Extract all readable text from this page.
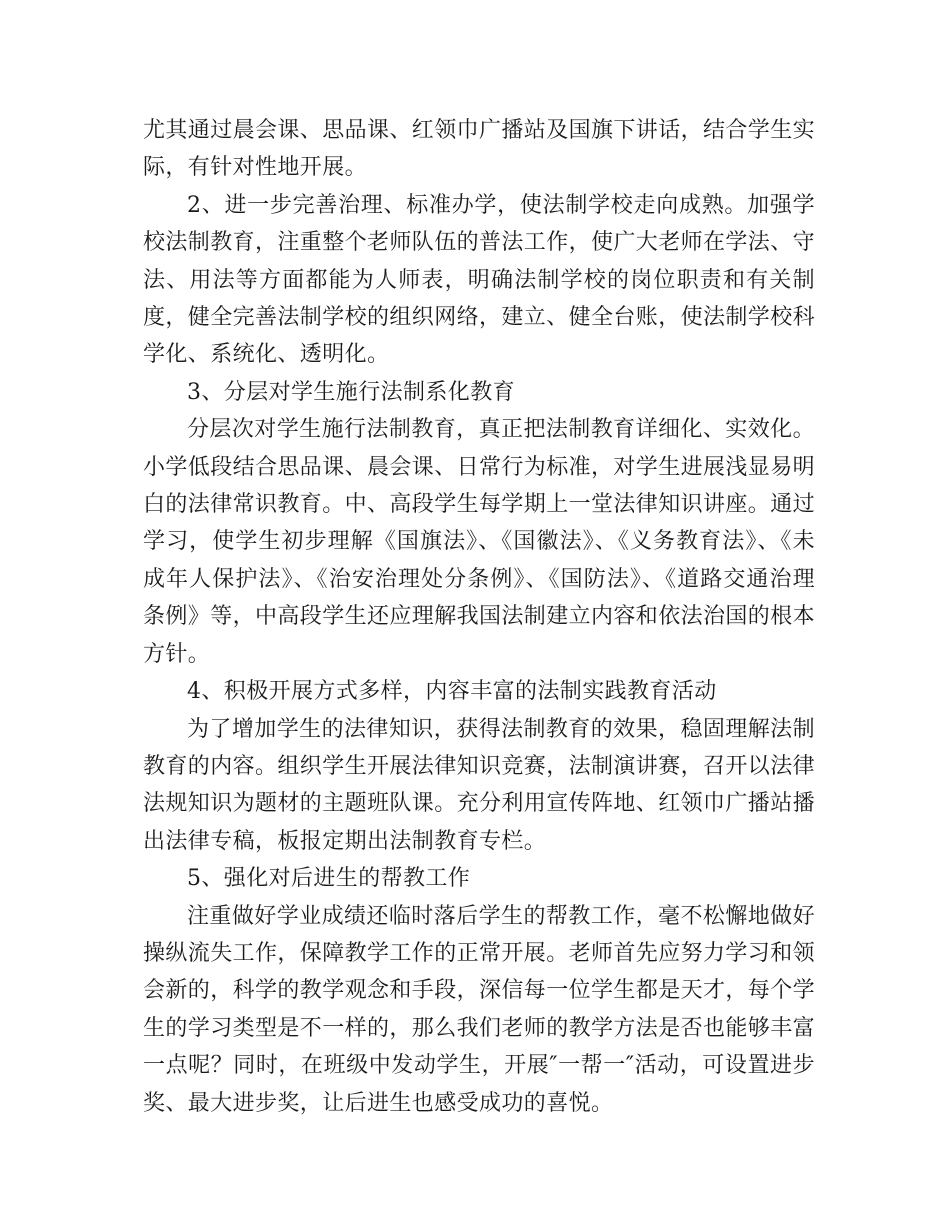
尤其通过晨会课、思品课、红领巾广播站及国旗下讲话，结合学生实际，有针对性地开展。

2、进一步完善治理、标准办学，使法制学校走向成熟。加强学校法制教育，注重整个老师队伍的普法工作，使广大老师在学法、守法、用法等方面都能为人师表，明确法制学校的岗位职责和有关制度，健全完善法制学校的组织网络，建立、健全台账，使法制学校科学化、系统化、透明化。

3、分层对学生施行法制系化教育

分层次对学生施行法制教育，真正把法制教育详细化、实效化。小学低段结合思品课、晨会课、日常行为标准，对学生进展浅显易明白的法律常识教育。中、高段学生每学期上一堂法律知识讲座。通过学习，使学生初步理解《国旗法》、《国徽法》、《义务教育法》、《未成年人保护法》、《治安治理处分条例》、《国防法》、《道路交通治理条例》等，中高段学生还应理解我国法制建立内容和依法治国的根本方针。

4、积极开展方式多样，内容丰富的法制实践教育活动

为了增加学生的法律知识，获得法制教育的效果，稳固理解法制教育的内容。组织学生开展法律知识竞赛，法制演讲赛，召开以法律法规知识为题材的主题班队课。充分利用宣传阵地、红领巾广播站播出法律专稿，板报定期出法制教育专栏。

5、强化对后进生的帮教工作

注重做好学业成绩还临时落后学生的帮教工作，毫不松懈地做好操纵流失工作，保障教学工作的正常开展。老师首先应努力学习和领会新的，科学的教学观念和手段，深信每一位学生都是天才，每个学生的学习类型是不一样的，那么我们老师的教学方法是否也能够丰富一点呢？同时，在班级中发动学生，开展″一帮一″活动，可设置进步奖、最大进步奖，让后进生也感受成功的喜悦。
